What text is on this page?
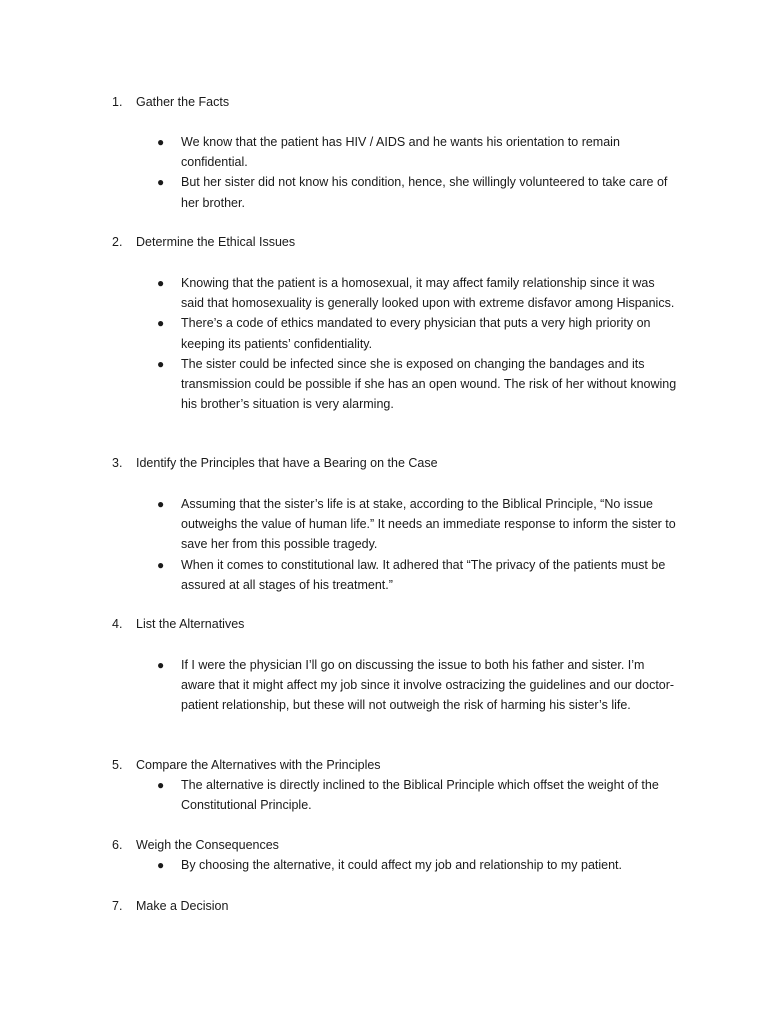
1. Gather the Facts
● We know that the patient has HIV / AIDS and he wants his orientation to remain confidential.
● But her sister did not know his condition, hence, she willingly volunteered to take care of her brother.
2. Determine the Ethical Issues
● Knowing that the patient is a homosexual, it may affect family relationship since it was said that homosexuality is generally looked upon with extreme disfavor among Hispanics.
● There’s a code of ethics mandated to every physician that puts a very high priority on keeping its patients’ confidentiality.
● The sister could be infected since she is exposed on changing the bandages and its transmission could be possible if she has an open wound. The risk of her without knowing his brother’s situation is very alarming.
3. Identify the Principles that have a Bearing on the Case
● Assuming that the sister’s life is at stake, according to the Biblical Principle, “No issue outweighs the value of human life.” It needs an immediate response to inform the sister to save her from this possible tragedy.
● When it comes to constitutional law. It adhered that “The privacy of the patients must be assured at all stages of his treatment.”
4. List the Alternatives
● If I were the physician I’ll go on discussing the issue to both his father and sister. I’m aware that it might affect my job since it involve ostracizing the guidelines and our doctor-patient relationship, but these will not outweigh the risk of harming his sister’s life.
5. Compare the Alternatives with the Principles
● The alternative is directly inclined to the Biblical Principle which offset the weight of the Constitutional Principle.
6. Weigh the Consequences
● By choosing the alternative, it could affect my job and relationship to my patient.
7. Make a Decision
